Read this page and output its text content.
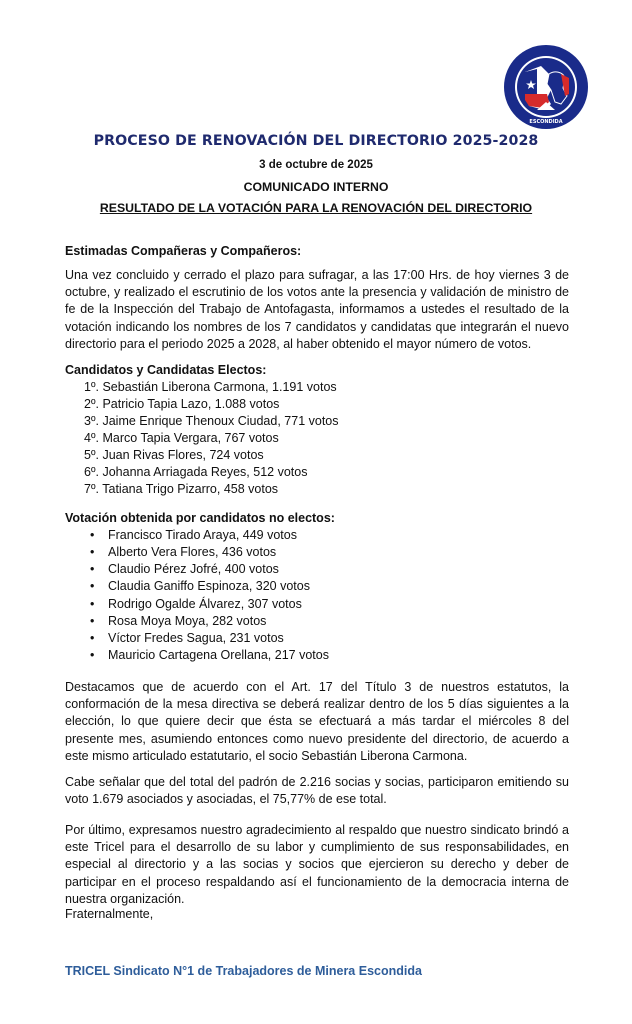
ESCONDIDA
PROCESO DE RENOVACIÓN DEL DIRECTORIO 2025-2028
3 de octubre de 2025
COMUNICADO INTERNO
RESULTADO DE LA VOTACIÓN PARA LA RENOVACIÓN DEL DIRECTORIO
Estimadas Compañeras y Compañeros:
Una vez concluido y cerrado el plazo para sufragar, a las 17:00 Hrs. de hoy viernes 3 de octubre, y realizado el escrutinio de los votos ante la presencia y validación de ministro de fe de la Inspección del Trabajo de Antofagasta, informamos a ustedes el resultado de la votación indicando los nombres de los 7 candidatos y candidatas que integrarán el nuevo directorio para el periodo 2025 a 2028, al haber obtenido el mayor número de votos.
Candidatos y Candidatas Electos:
1º. Sebastián Liberona Carmona, 1.191 votos
2º. Patricio Tapia Lazo, 1.088 votos
3º. Jaime Enrique Thenoux Ciudad, 771 votos
4º. Marco Tapia Vergara, 767 votos
5º. Juan Rivas Flores, 724 votos
6º. Johanna Arriagada Reyes, 512 votos
7º. Tatiana Trigo Pizarro, 458 votos
Votación obtenida por candidatos no electos:
• Francisco Tirado Araya, 449 votos
• Alberto Vera Flores, 436 votos
• Claudio Pérez Jofré, 400 votos
• Claudia Ganiffo Espinoza, 320 votos
• Rodrigo Ogalde Álvarez, 307 votos
• Rosa Moya Moya, 282 votos
• Víctor Fredes Sagua, 231 votos
• Mauricio Cartagena Orellana, 217 votos
Destacamos que de acuerdo con el Art. 17 del Título 3 de nuestros estatutos, la conformación de la mesa directiva se deberá realizar dentro de los 5 días siguientes a la elección, lo que quiere decir que ésta se efectuará a más tardar el miércoles 8 del presente mes, asumiendo entonces como nuevo presidente del directorio, de acuerdo a este mismo articulado estatutario, el socio Sebastián Liberona Carmona.
Cabe señalar que del total del padrón de 2.216 socias y socias, participaron emitiendo su voto 1.679 asociados y asociadas, el 75,77% de ese total.
Por último, expresamos nuestro agradecimiento al respaldo que nuestro sindicato brindó a este Tricel para el desarrollo de su labor y cumplimiento de sus responsabilidades, en especial al directorio y a las socias y socios que ejercieron su derecho y deber de participar en el proceso respaldando así el funcionamiento de la democracia interna de nuestra organización.
Fraternalmente,
TRICEL Sindicato N°1 de Trabajadores de Minera Escondida
